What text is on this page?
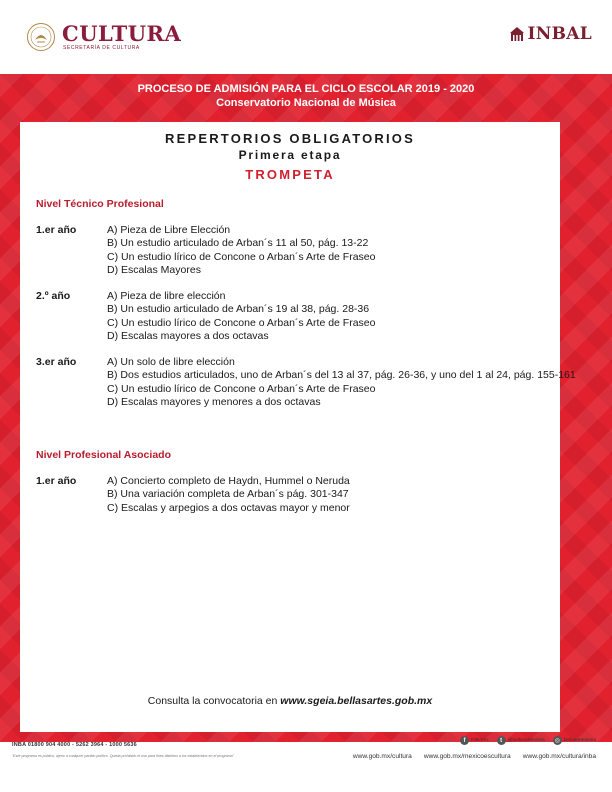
CULTURA
SECRETARÍA DE CULTURA
INBAL
PROCESO DE ADMISIÓN PARA EL CICLO ESCOLAR 2019 - 2020
Conservatorio Nacional de Música
REPERTORIOS OBLIGATORIOS
Primera etapa
TROMPETA
Nivel Técnico Profesional
1.er año	A) Pieza de Libre Elección
B) Un estudio articulado de Arban´s 11 al 50, pág. 13-22
C) Un estudio lírico de Concone o Arban´s Arte de Fraseo
D) Escalas Mayores
2.º año	A) Pieza de libre elección
B) Un estudio articulado de Arban´s 19 al 38, pág. 28-36
C) Un estudio lírico de Concone o Arban´s Arte de Fraseo
D) Escalas mayores a dos octavas
3.er año	A) Un solo de libre elección
B) Dos estudios articulados, uno de Arban´s del 13 al 37, pág. 26-36, y uno del 1 al 24, pág. 155-161
C) Un estudio lírico de Concone o Arban´s Arte de Fraseo
D) Escalas mayores y menores a dos octavas
Nivel Profesional Asociado
1.er año	A) Concierto completo de Haydn, Hummel o Neruda
B) Una variación completa de Arban´s pág. 301-347
C) Escalas y arpegios a dos octavas mayor y menor
Consulta la convocatoria en www.sgeia.bellasartes.gob.mx
INBA 01800 904 4000 - 5262 3964 - 1000 5636
"Este programa es público, ajeno a cualquier partido político. Queda prohibido el uso para fines distintos a los establecidos en el programa"
f	INBAmx	t	@bellasartesinba	◎ bellasartesmex
www.gob.mx/cultura www.gob.mx/mexicoescultura www.gob.mx/cultura/inba
